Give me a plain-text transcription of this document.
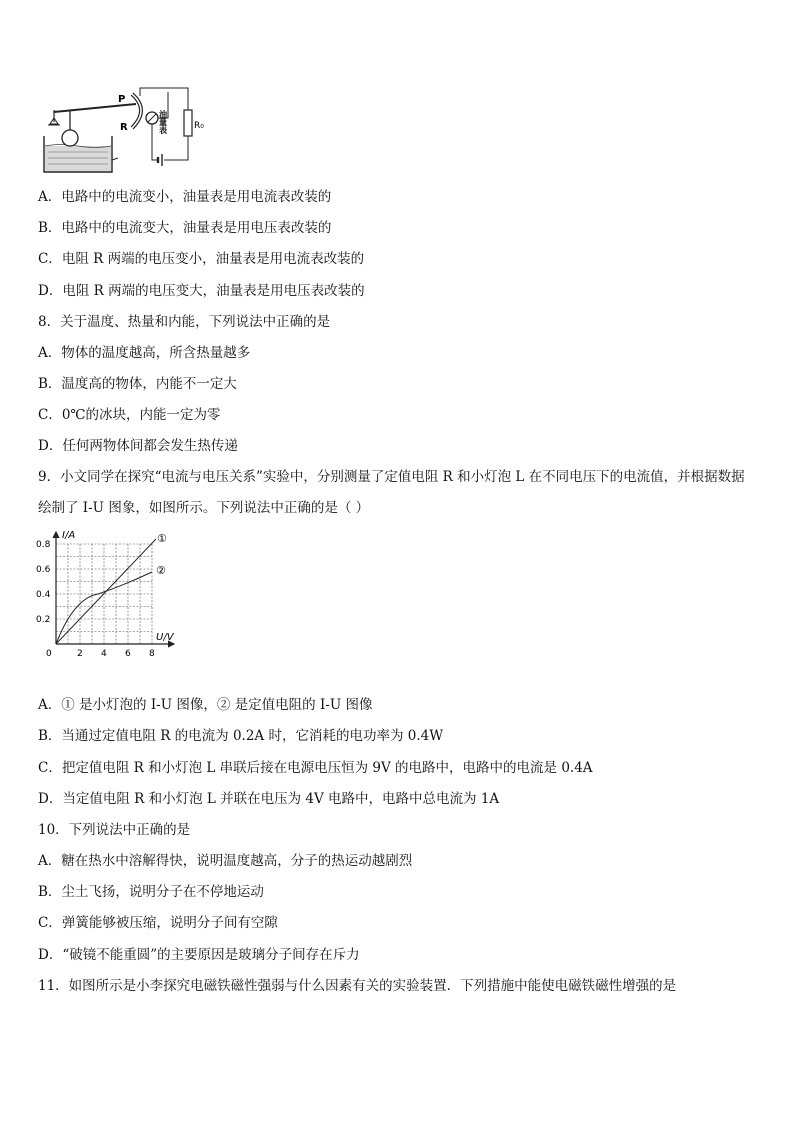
P
R	油量表	R₀
A．电路中的电流变小，油量表是用电流表改装的
B．电路中的电流变大，油量表是用电压表改装的
C．电阻 R 两端的电压变小，油量表是用电流表改装的
D．电阻 R 两端的电压变大，油量表是用电压表改装的
8．关于温度、热量和内能，下列说法中正确的是
A．物体的温度越高，所含热量越多
B．温度高的物体，内能不一定大
C．0℃的冰块，内能一定为零
D．任何两物体间都会发生热传递
9．小文同学在探究“电流与电压关系”实验中，分别测量了定值电阻 R 和小灯泡 L 在不同电压下的电流值，并根据数据
绘制了 I-U 图象，如图所示。下列说法中正确的是（ ）
I/A
U/V
0
0.2
0.4
0.6
0.8
2 4 6 8
①
②
A．① 是小灯泡的 I-U 图像，② 是定值电阻的 I-U 图像
B．当通过定值电阻 R 的电流为 0.2A 时，它消耗的电功率为 0.4W
C．把定值电阻 R 和小灯泡 L 串联后接在电源电压恒为 9V 的电路中，电路中的电流是 0.4A
D．当定值电阻 R 和小灯泡 L 并联在电压为 4V 电路中，电路中总电流为 1A
10．下列说法中正确的是
A．糖在热水中溶解得快，说明温度越高，分子的热运动越剧烈
B．尘土飞扬，说明分子在不停地运动
C．弹簧能够被压缩，说明分子间有空隙
D．“破镜不能重圆”的主要原因是玻璃分子间存在斥力
11．如图所示是小李探究电磁铁磁性强弱与什么因素有关的实验装置．下列措施中能使电磁铁磁性增强的是
